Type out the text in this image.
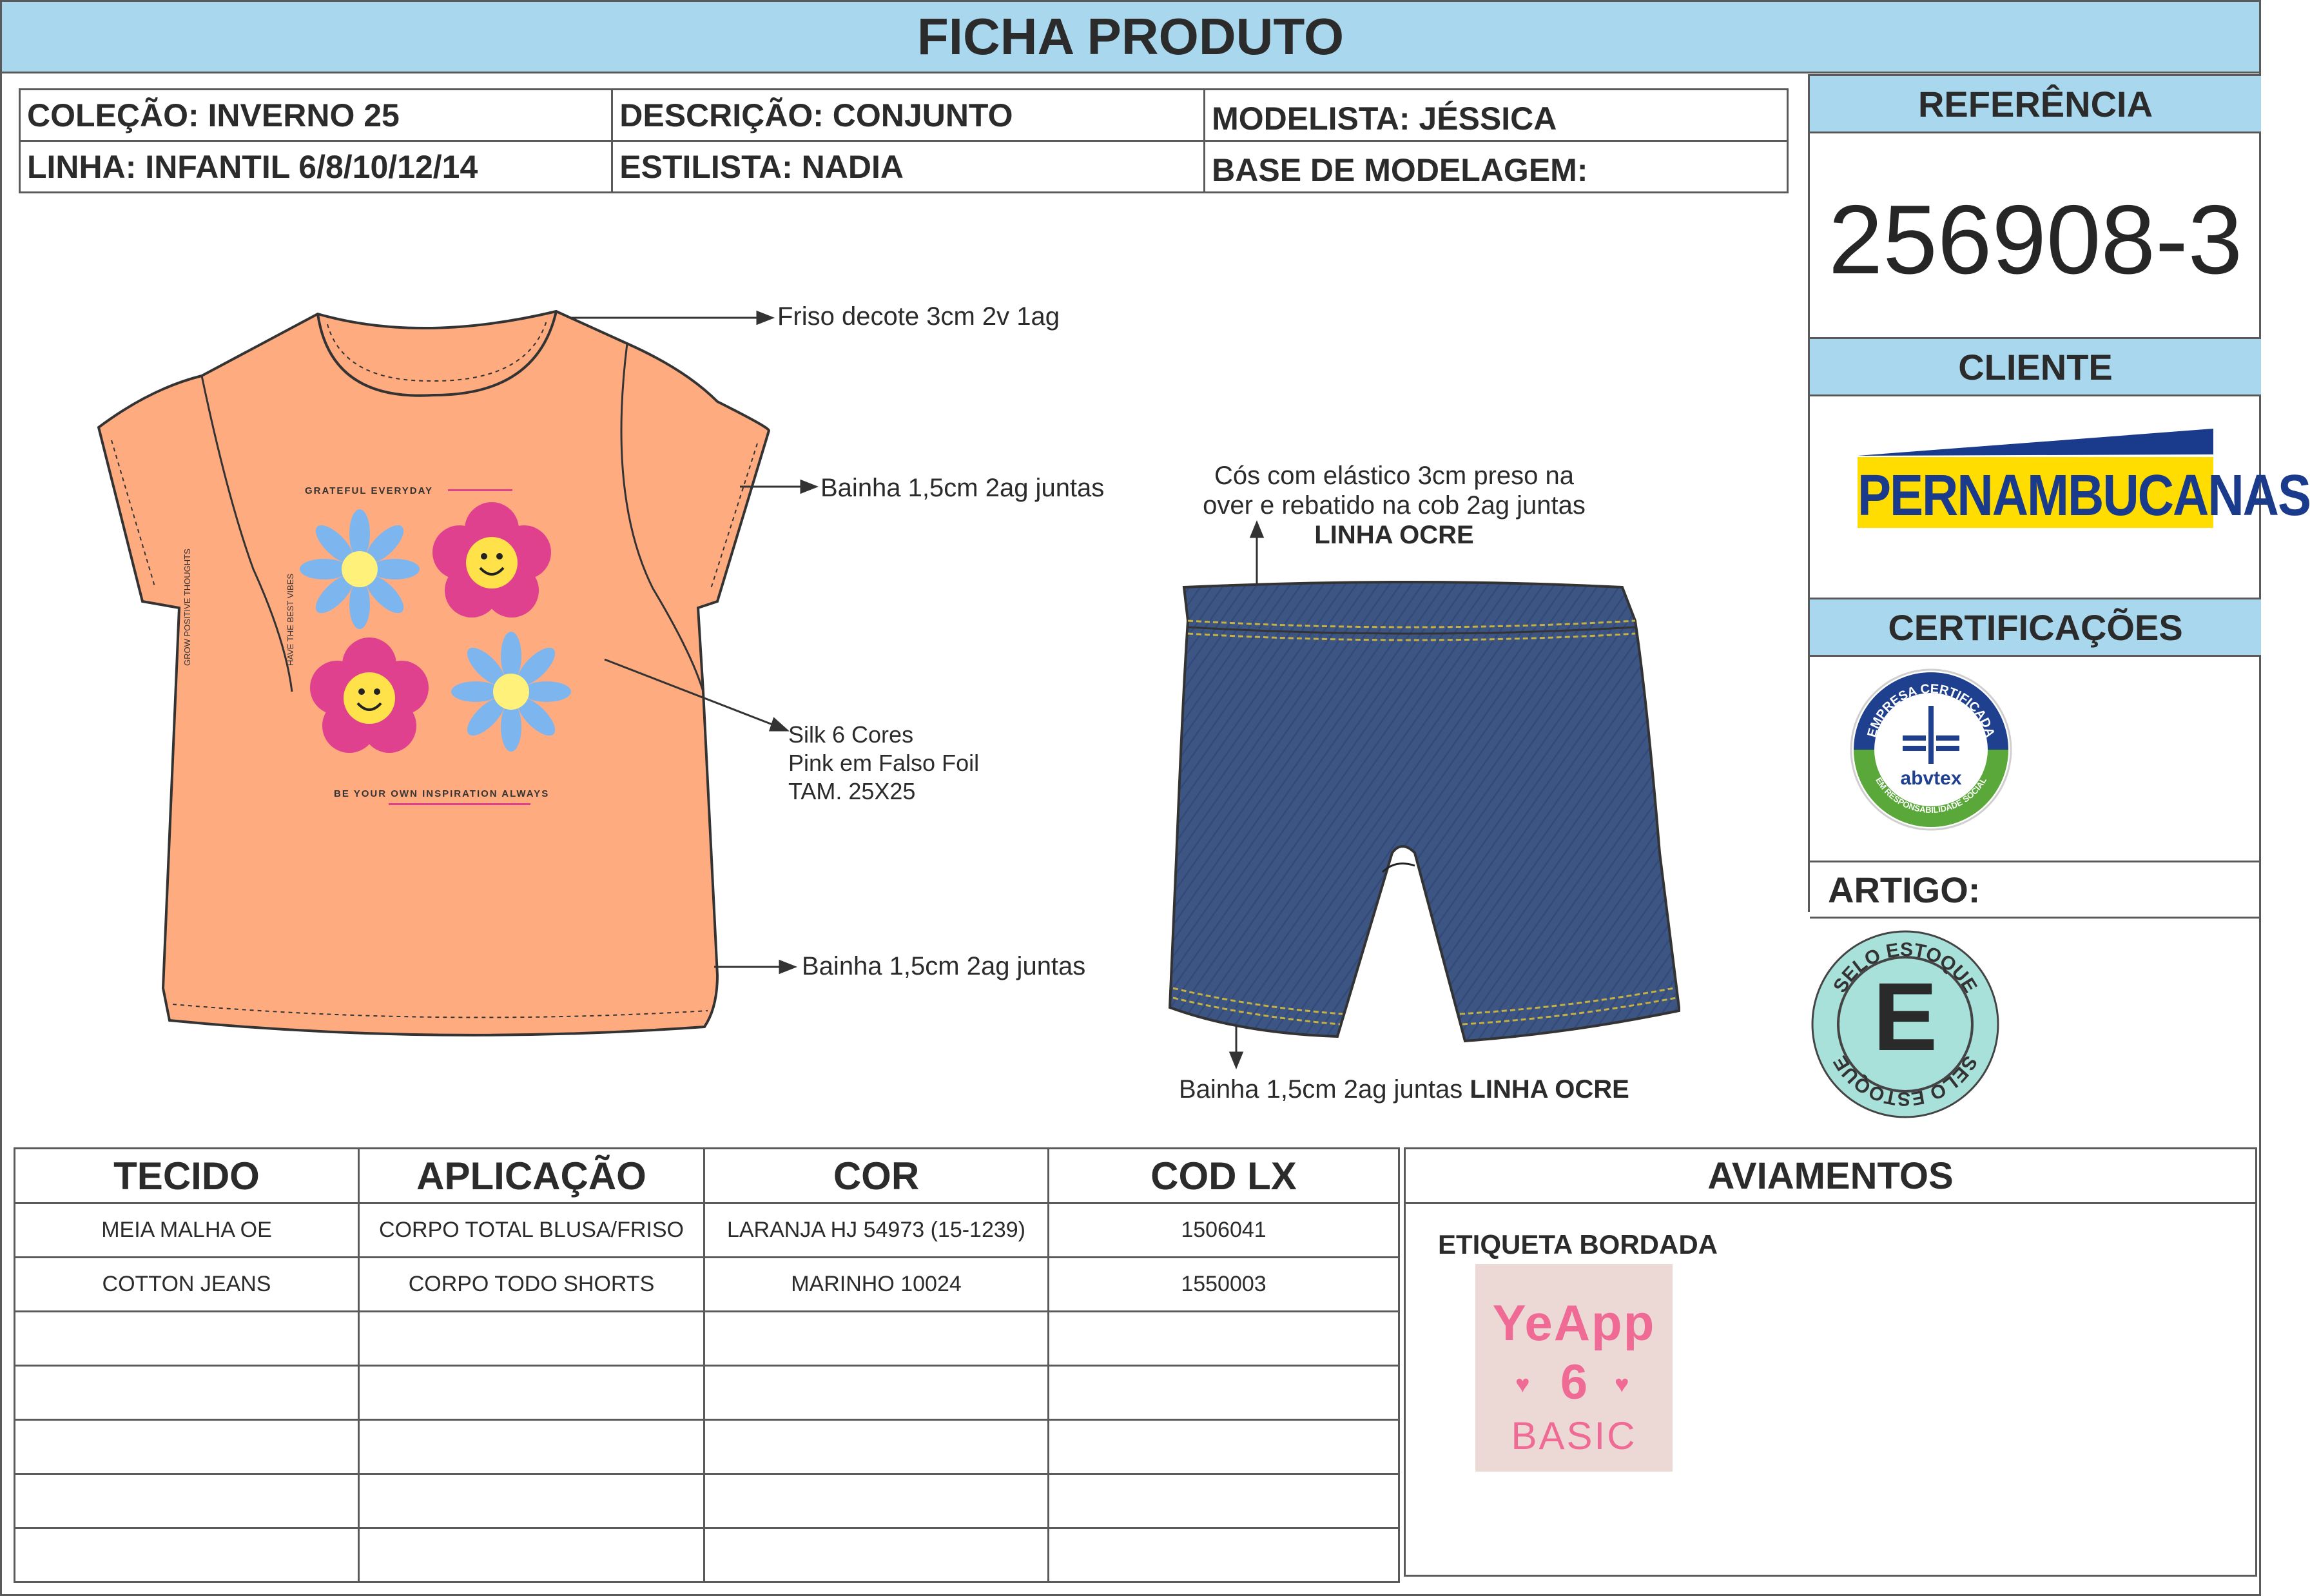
FICHA PRODUTO
COLEÇÃO: INVERNO 25	DESCRIÇÃO: CONJUNTO	MODELISTA: JÉSSICA
LINHA: INFANTIL 6/8/10/12/14	ESTILISTA: NADIA	BASE DE MODELAGEM:
REFERÊNCIA
256908-3
CLIENTE
PERNAMBUCANAS
CERTIFICAÇÕES
EMPRESA CERTIFICADA
EM RESPONSABILIDADE SOCIAL
abvtex
ARTIGO:
SELO ESTOQUE
SELO ESTOQUE E
GRATEFUL EVERYDAY
GROW POSITIVE THOUGHTS	HAVE THE BEST VIBES
BE YOUR OWN INSPIRATION ALWAYS
Friso decote 3cm 2v 1ag
Bainha 1,5cm 2ag juntas
Silk 6 Cores
Pink em Falso Foil
TAM. 25X25
Bainha 1,5cm 2ag juntas
Cós com elástico 3cm preso na
over e rebatido na cob 2ag juntas
LINHA OCRE
Bainha 1,5cm 2ag juntas LINHA OCRE
TECIDO	APLICAÇÃO	COR	COD LX
MEIA MALHA OE	CORPO TOTAL BLUSA/FRISO	LARANJA HJ 54973 (15-1239)	1506041
COTTON JEANS	CORPO TODO SHORTS	MARINHO 10024	1550003

AVIAMENTOS
ETIQUETA BORDADA
YeApp
6
♥	♥
BASIC
